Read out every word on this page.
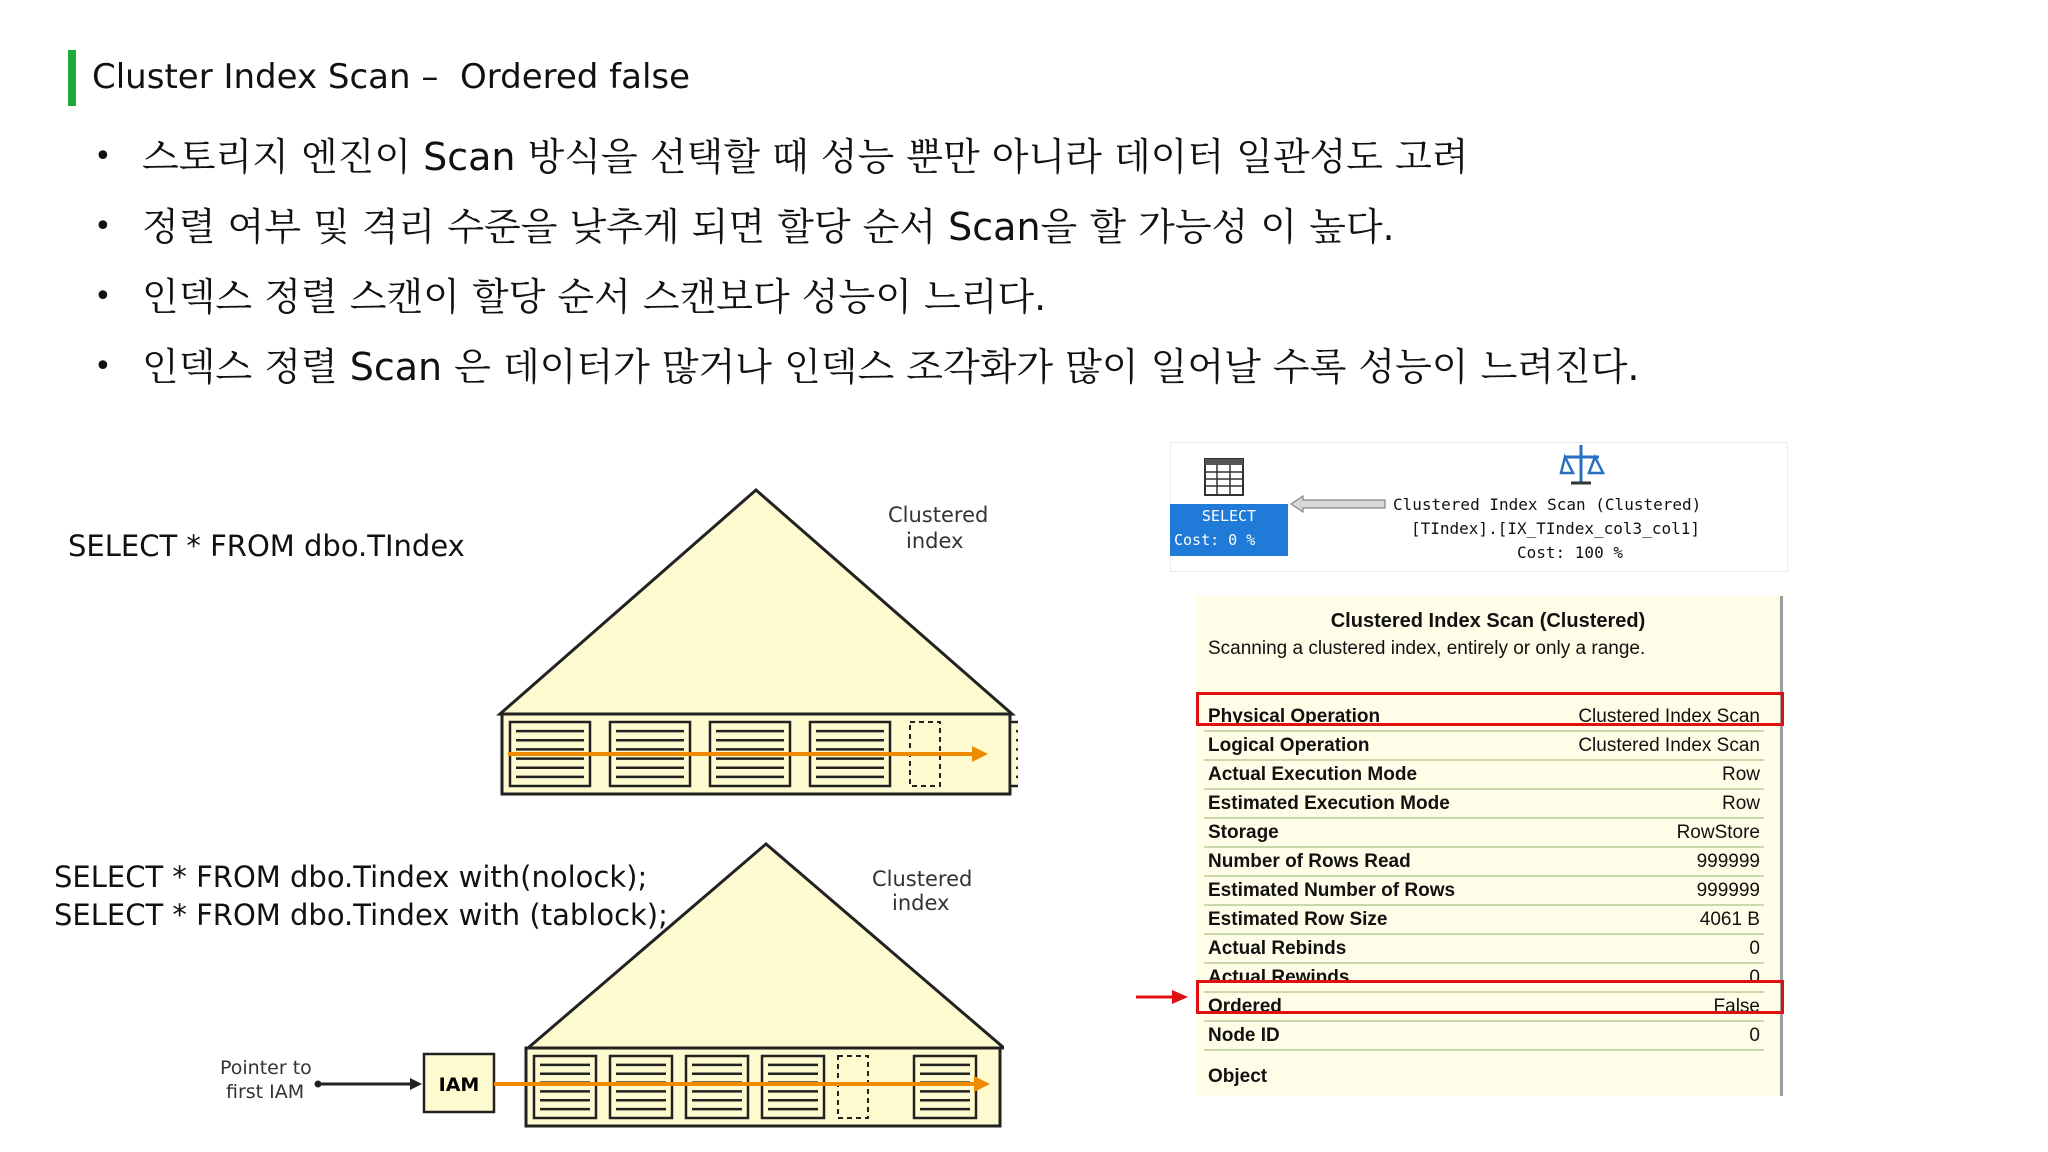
Cluster Index Scan –  Ordered false
• 스토리지 엔진이 Scan 방식을 선택할 때 성능 뿐만 아니라 데이터 일관성도 고려
• 정렬 여부 및 격리 수준을 낮추게 되면 할당 순서 Scan을 할 가능성 이 높다.
• 인덱스 정렬 스캔이 할당 순서 스캔보다 성능이 느리다.
• 인덱스 정렬 Scan 은 데이터가 많거나 인덱스 조각화가 많이 일어날 수록 성능이 느려진다.
SELECT * FROM dbo.TIndex
Clustered
index
Clustered
index
IAM
Pointer to
first IAM
SELECT * FROM dbo.Tindex with(nolock);
SELECT * FROM dbo.Tindex with (tablock);
Clustered Index Scan (Clustered)
[TIndex].[IX_TIndex_col3_col1]
Cost: 100 %
SELECT
Cost: 0 %
Clustered Index Scan (Clustered)
Scanning a clustered index, entirely or only a range.
Physical Operation	Clustered Index Scan
Logical Operation	Clustered Index Scan
Actual Execution Mode	Row
Estimated Execution Mode	Row
Storage	RowStore
Number of Rows Read	999999
Estimated Number of Rows	999999
Estimated Row Size	4061 B
Actual Rebinds	0
Actual Rewinds	0
Ordered	False
Node ID	0
Object
